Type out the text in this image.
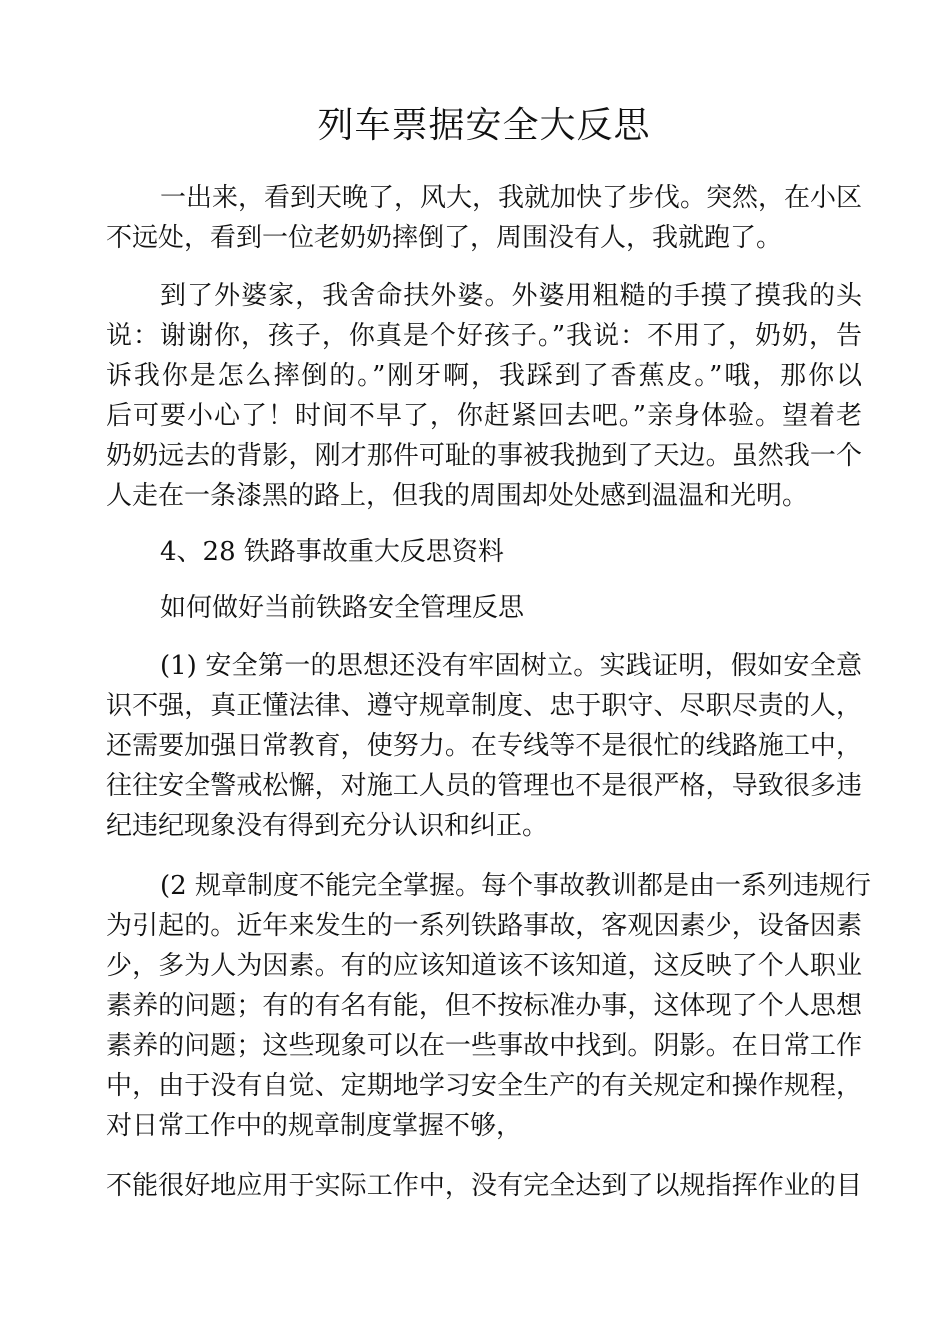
列车票据安全大反思
一出来，看到天晚了，风大，我就加快了步伐。突然，在小区
不远处，看到一位老奶奶摔倒了，周围没有人，我就跑了。
到了外婆家，我舍命扶外婆。外婆用粗糙的手摸了摸我的头
说：谢谢你，孩子，你真是个好孩子。”我说：不用了，奶奶，告
诉我你是怎么摔倒的。”刚牙啊，我踩到了香蕉皮。”哦，那你以
后可要小心了！时间不早了，你赶紧回去吧。”亲身体验。望着老
奶奶远去的背影，刚才那件可耻的事被我抛到了天边。虽然我一个
人走在一条漆黑的路上，但我的周围却处处感到温温和光明。
4、28 铁路事故重大反思资料
如何做好当前铁路安全管理反思
(1) 安全第一的思想还没有牢固树立。实践证明，假如安全意
识不强，真正懂法律、遵守规章制度、忠于职守、尽职尽责的人，
还需要加强日常教育，使努力。在专线等不是很忙的线路施工中，
往往安全警戒松懈，对施工人员的管理也不是很严格，导致很多违
纪违纪现象没有得到充分认识和纠正。
(2 规章制度不能完全掌握。每个事故教训都是由一系列违规行
为引起的。近年来发生的一系列铁路事故，客观因素少，设备因素
少，多为人为因素。有的应该知道该不该知道，这反映了个人职业
素养的问题；有的有名有能，但不按标准办事，这体现了个人思想
素养的问题；这些现象可以在一些事故中找到。阴影。在日常工作
中，由于没有自觉、定期地学习安全生产的有关规定和操作规程，
对日常工作中的规章制度掌握不够，
不能很好地应用于实际工作中，没有完全达到了以规指挥作业的目
